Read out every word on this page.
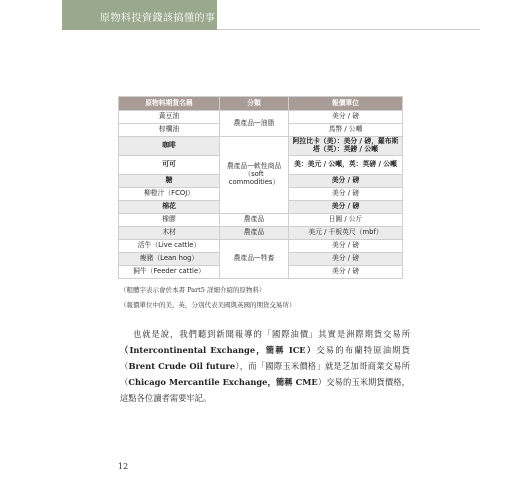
原物料投資錢該搞懂的事
原物料期貨名稱	分類	報價單位
黃豆油	農產品—油脂	美分 / 磅
棕櫚油		馬幣 / 公噸
咖啡	農產品—軟性商品（soft commodities）	阿拉比卡（美）：美分 / 磅，羅布斯塔（英）：英鎊 / 公噸
可可		美：美元 / 公噸，英：英磅 / 公噸
糖		美分 / 磅
柳橙汁（FCOJ）		美分 / 磅
棉花		美分 / 磅
橡膠	農產品	日圓 / 公斤
木材	農產品	美元 / 千板英尺（mbf）
活牛（Live cattle）	農產品—牲畜	美分 / 磅
瘦豬（Lean hog）		美分 / 磅
飼牛（Feeder cattle）		美分 / 磅
（粗體字表示會於本書 Part5 詳細介紹的原物料）
（報價單位中的美、英，分別代表美國與英國的期貨交易所）
也就是說，我們聽到新聞報導的「國際油價」其實是洲際期貨交易所（Intercontinental Exchange，簡稱 ICE）交易的布蘭特原油期貨（Brent Crude Oil future），而「國際玉米價格」就是芝加哥商業交易所（Chicago Mercantile Exchange，簡稱 CME）交易的玉米期貨價格，這點各位讀者需要牢記。
12
